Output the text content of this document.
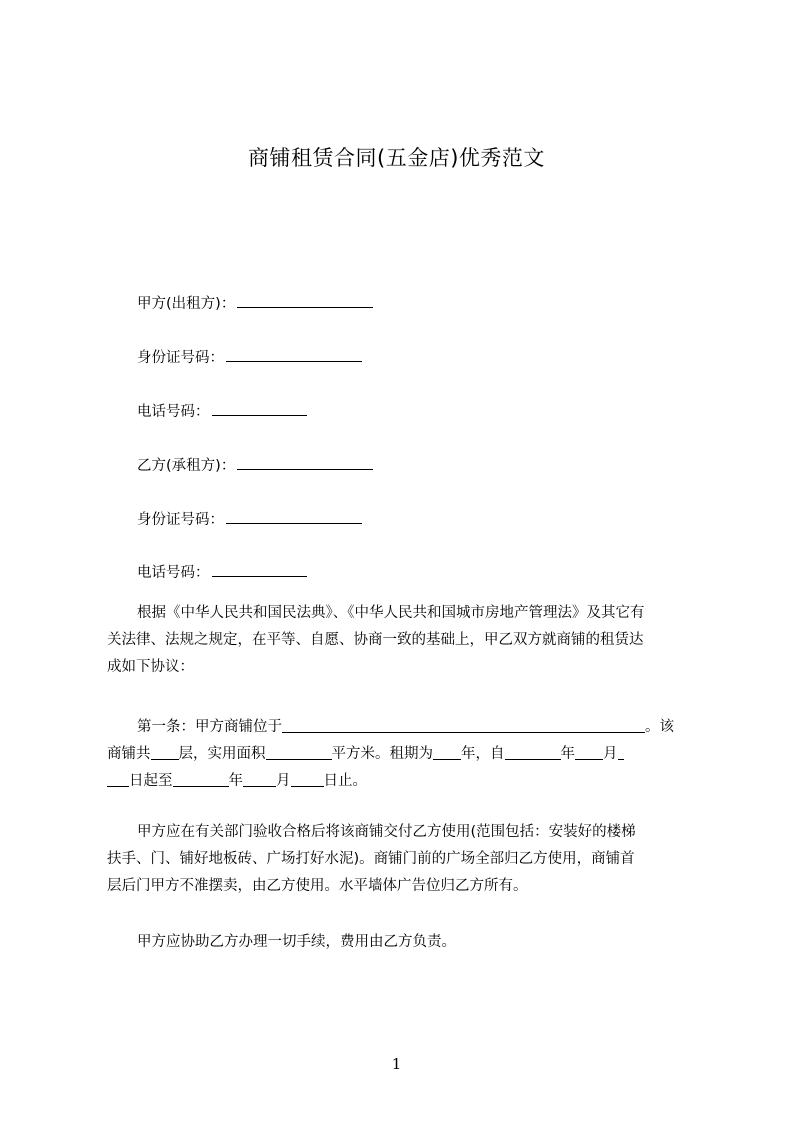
商铺租赁合同(五金店)优秀范文
甲方(出租方)：
身份证号码：
电话号码：
乙方(承租方)：
身份证号码：
电话号码：
根据《中华人民共和国民法典》、《中华人民共和国城市房地产管理法》及其它有
关法律、法规之规定，在平等、自愿、协商一致的基础上，甲乙双方就商铺的租赁达
成如下协议：
第一条：甲方商铺位于	。该
商铺共 层，实用面积	平方米。租期为 年，自	年 月
日起至	年 月 日止。
甲方应在有关部门验收合格后将该商铺交付乙方使用(范围包括：安装好的楼梯
扶手、门、铺好地板砖、广场打好水泥)。商铺门前的广场全部归乙方使用，商铺首
层后门甲方不准摆卖，由乙方使用。水平墙体广告位归乙方所有。
甲方应协助乙方办理一切手续，费用由乙方负责。
1
